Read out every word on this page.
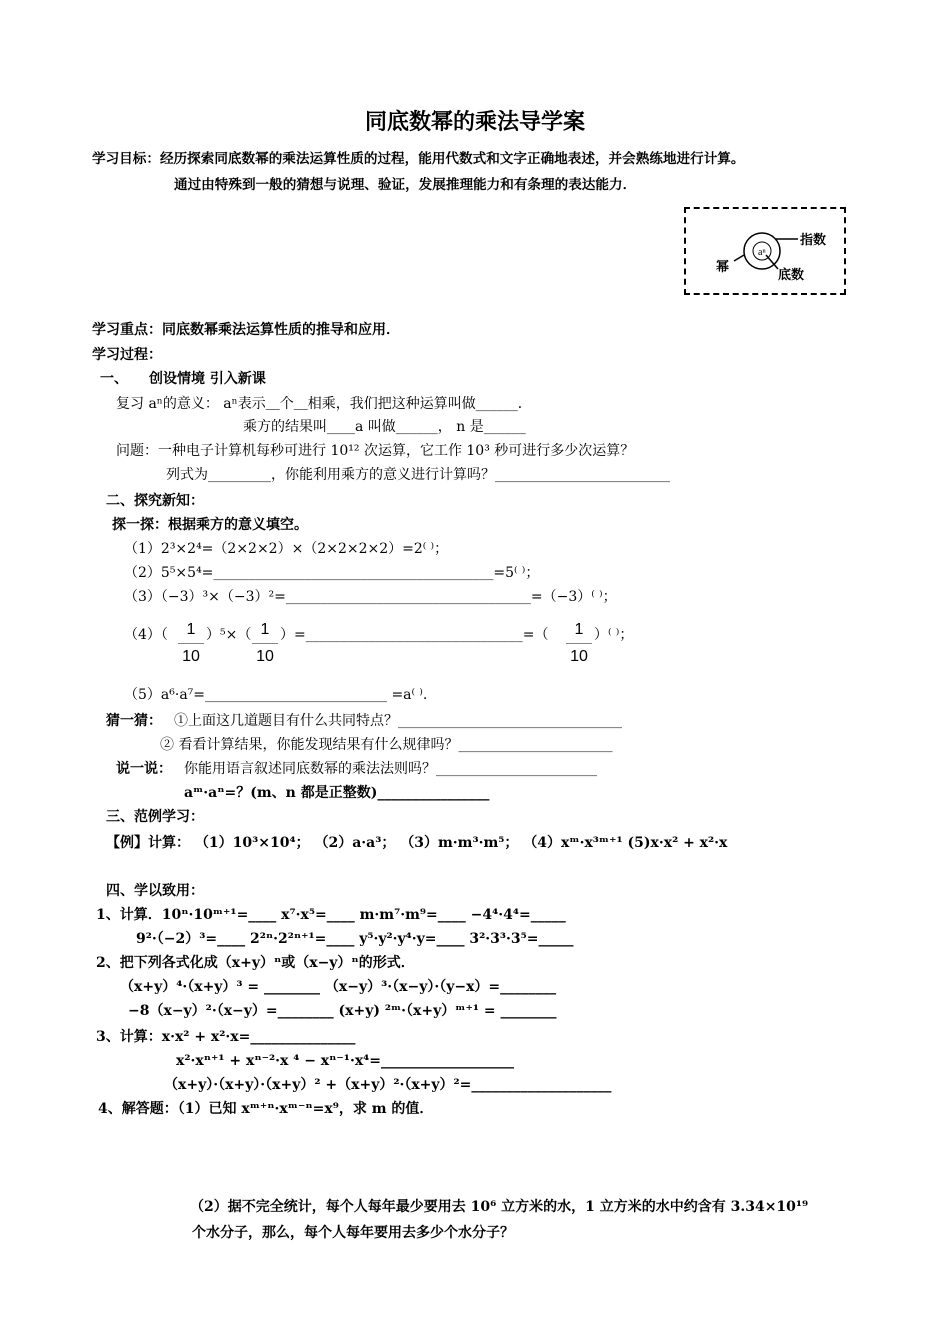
同底数幂的乘法导学案
学习目标：经历探索同底数幂的乘法运算性质的过程，能用代数式和文字正确地表述，并会熟练地进行计算。
通过由特殊到一般的猜想与说理、验证，发展推理能力和有条理的表达能力．
aⁿ
指数
幂
底数
学习重点：同底数幂乘法运算性质的推导和应用．
学习过程：
一、　　创设情境 引入新课
复习 aⁿ的意义： aⁿ表示＿个＿相乘，我们把这种运算叫做______．
乘方的结果叫____a 叫做______， n 是______
问题：一种电子计算机每秒可进行 10¹² 次运算，它工作 10³ 秒可进行多少次运算？
列式为_________，你能利用乘方的意义进行计算吗？_________________________
二、探究新知：
探一探：根据乘方的意义填空。
（1）2³×2⁴=（2×2×2）×（2×2×2×2）=2⁽ ⁾；
（2）5⁵×5⁴=________________________________________=5⁽ ⁾；
（3）（−3）³×（−3）²=___________________________________=（−3）⁽ ⁾；
（4）（	1
10
）⁵×（ 1
10
）=_______________________________=（	1
10
）⁽ ⁾；
（5）a⁶·a⁷=__________________________ =a⁽ ⁾.
猜一猜： ①上面这几道题目有什么共同特点？________________________________
② 看看计算结果，你能发现结果有什么规律吗？______________________
说一说： 你能用语言叙述同底数幂的乘法法则吗？_______________________
aᵐ·aⁿ=？(m、n 都是正整数)________________
三、范例学习：
【例】计算： （1）10³×10⁴； （2）a·a³； （3）m·m³·m⁵； （4）xᵐ·x³ᵐ⁺¹ (5)x·x² + x²·x
四、学以致用：
1、计算．10ⁿ·10ᵐ⁺¹=____ x⁷·x⁵=____ m·m⁷·m⁹=____ −4⁴·4⁴=_____
9²·（−2）³=____ 2²ⁿ·2²ⁿ⁺¹=____ y⁵·y²·y⁴·y=____ 3²·3³·3⁵=_____
2、把下列各式化成（x+y）ⁿ或（x−y）ⁿ的形式．
（x+y）⁴·（x+y）³ = ________ （x−y）³·（x−y）·（y−x）=________
−8（x−y）²·（x−y）=________ (x+y) ²ᵐ·（x+y）ᵐ⁺¹ = ________
3、计算：x·x² + x²·x=_______________
x²·xⁿ⁺¹ + xⁿ⁻²·x ⁴ − xⁿ⁻¹·x⁴=___________________
（x+y）·（x+y）·（x+y）² +（x+y）²·（x+y）²=____________________
4、解答题：（1）已知 xᵐ⁺ⁿ·xᵐ⁻ⁿ=x⁹，求 m 的值．
（2）据不完全统计，每个人每年最少要用去 10⁶ 立方米的水，1 立方米的水中约含有 3.34×10¹⁹
个水分子，那么，每个人每年要用去多少个水分子？
